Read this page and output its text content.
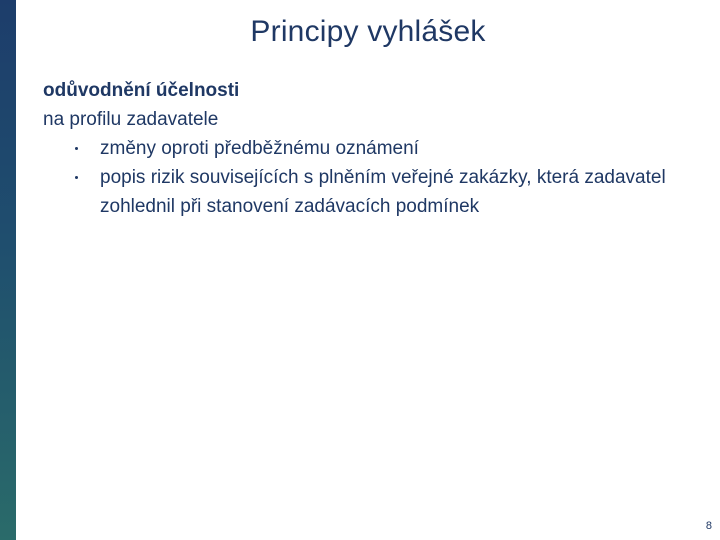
Principy vyhlášek

odůvodnění účelnosti

na profilu zadavatele

změny oproti předběžnému oznámení
popis rizik souvisejících s plněním veřejné zakázky, která zadavatel zohlednil při stanovení zadávacích podmínek
8
